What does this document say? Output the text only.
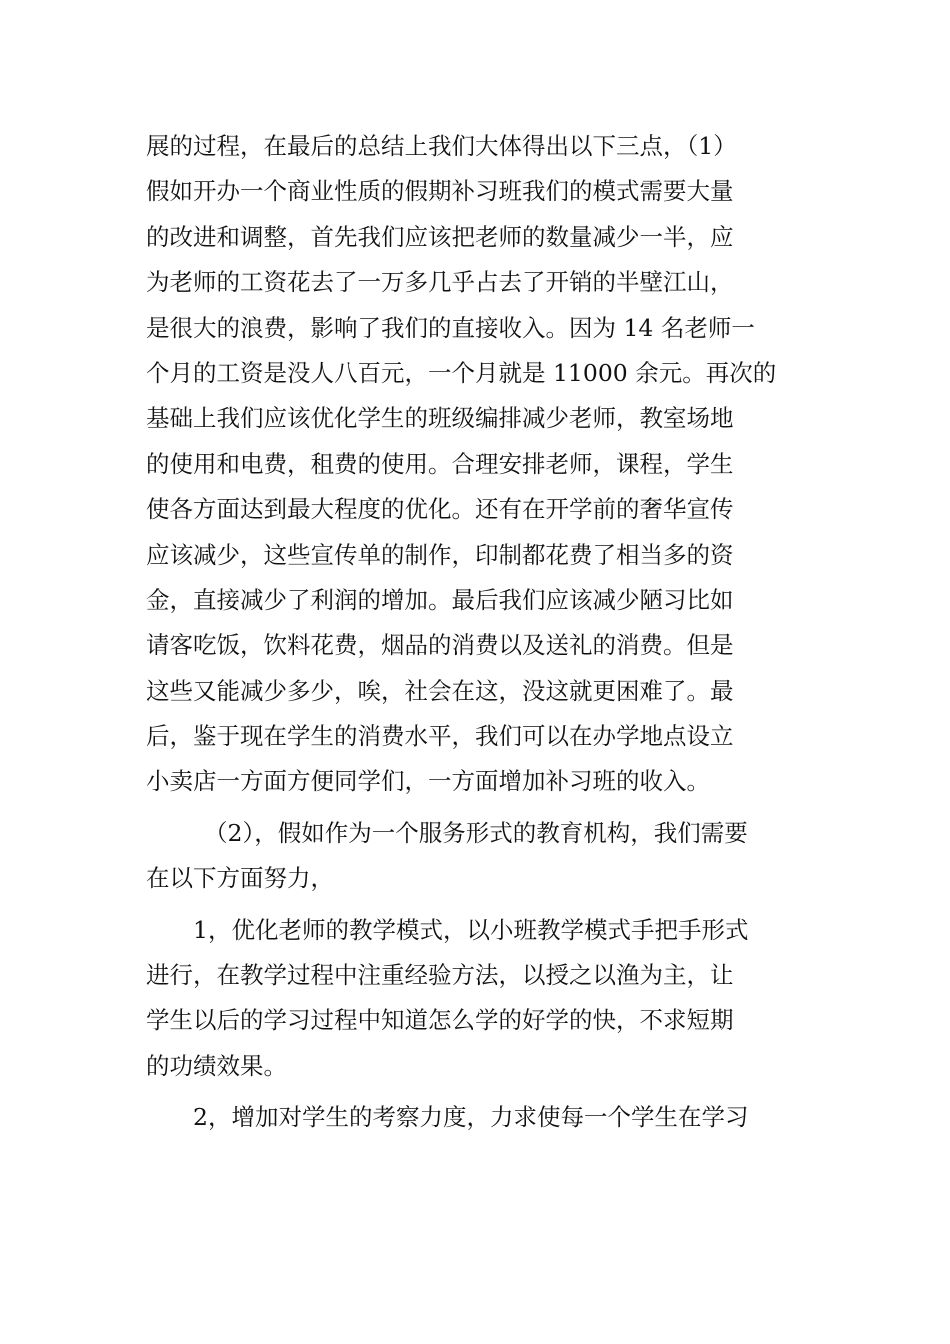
展的过程，在最后的总结上我们大体得出以下三点，（1）
假如开办一个商业性质的假期补习班我们的模式需要大量
的改进和调整，首先我们应该把老师的数量减少一半，应
为老师的工资花去了一万多几乎占去了开销的半壁江山，
是很大的浪费，影响了我们的直接收入。因为 14 名老师一
个月的工资是没人八百元，一个月就是 11000 余元。再次的
基础上我们应该优化学生的班级编排减少老师，教室场地
的使用和电费，租费的使用。合理安排老师，课程，学生
使各方面达到最大程度的优化。还有在开学前的奢华宣传
应该减少，这些宣传单的制作，印制都花费了相当多的资
金，直接减少了利润的增加。最后我们应该减少陋习比如
请客吃饭，饮料花费，烟品的消费以及送礼的消费。但是
这些又能减少多少，唉，社会在这，没这就更困难了。最
后，鉴于现在学生的消费水平，我们可以在办学地点设立
小卖店一方面方便同学们，一方面增加补习班的收入。
（2），假如作为一个服务形式的教育机构，我们需要
在以下方面努力，
1，优化老师的教学模式，以小班教学模式手把手形式
进行，在教学过程中注重经验方法，以授之以渔为主，让
学生以后的学习过程中知道怎么学的好学的快，不求短期
的功绩效果。
2，增加对学生的考察力度，力求使每一个学生在学习
